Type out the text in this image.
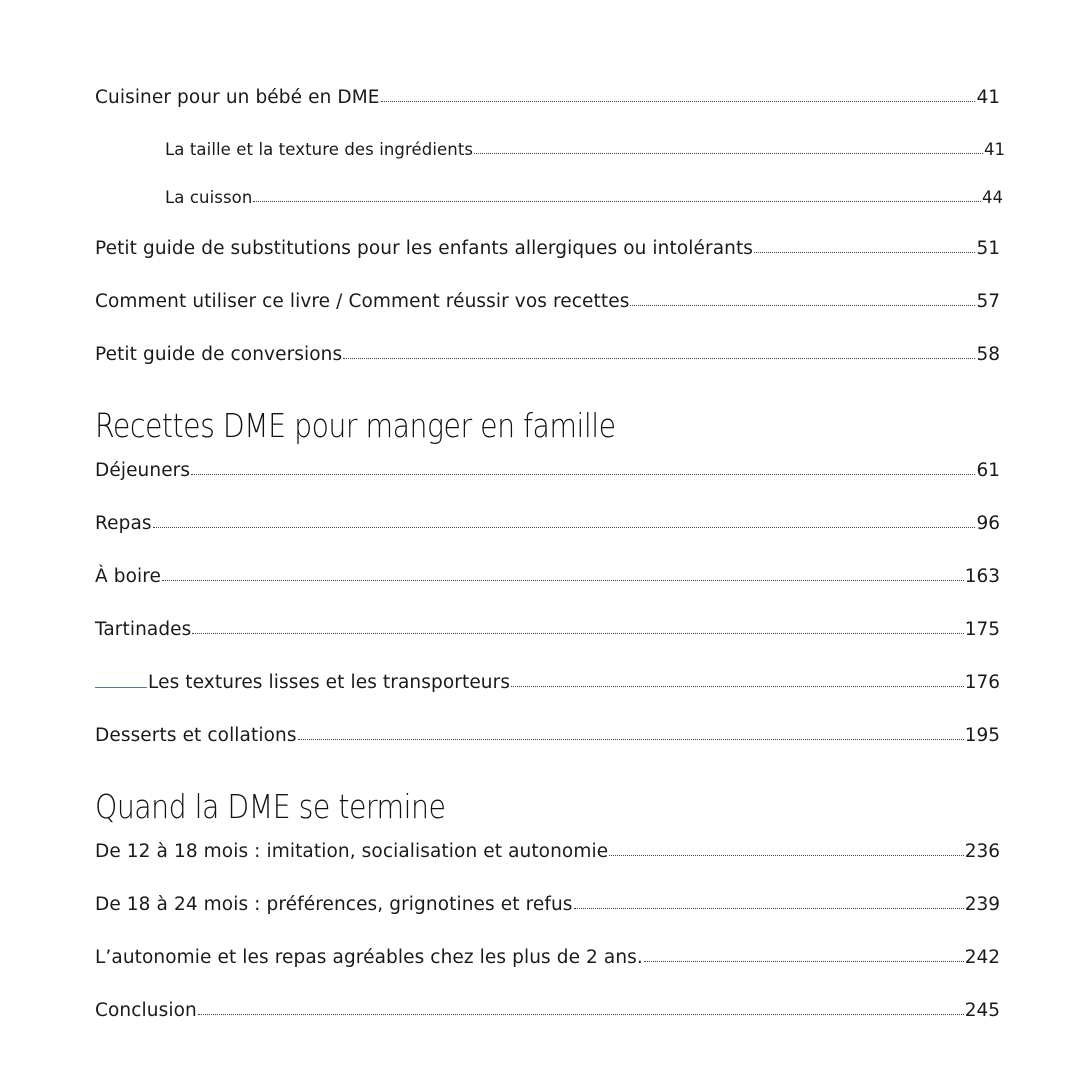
Cuisiner pour un bébé en DME	41
La taille et la texture des ingrédients	41
La cuisson	44
Petit guide de substitutions pour les enfants allergiques ou intolérants	51
Comment utiliser ce livre / Comment réussir vos recettes	57
Petit guide de conversions	58
Recettes DME pour manger en famille
Déjeuners	61
Repas	96
À boire	163
Tartinades	175
Les textures lisses et les transporteurs	176
Desserts et collations	195
Quand la DME se termine
De 12 à 18 mois : imitation, socialisation et autonomie	236
De 18 à 24 mois : préférences, grignotines et refus	239
L’autonomie et les repas agréables chez les plus de 2 ans.	242
Conclusion	245
